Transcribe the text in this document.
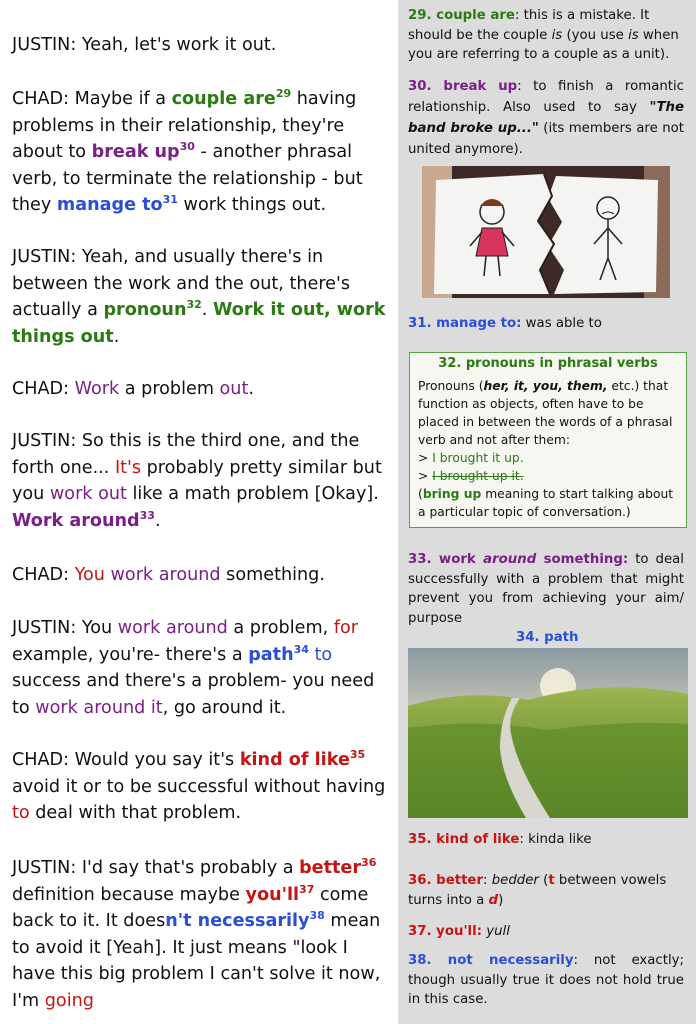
JUSTIN: Yeah, let's work it out.

CHAD: Maybe if a couple are$^{29}$ having problems in their relationship, they're about to break $up^{30}$ - another phrasal verb, to terminate the relationship - but they manage $to^{31}$ work things out.

JUSTIN: Yeah, and usually there's in between the work and the out, there's actually a pronoun$^{32}$. Work it out, work things out.

CHAD: Work a problem out.

JUSTIN: So this is the third one, and the forth one... It's probably pretty similar but you work out like a math problem [Okay]. Work around$^{33}$.

CHAD: You work around something.

JUSTIN: You work around a problem, for example, you're- there's a path$^{34}$ to success and there's a problem- you need to work around it, go around it.

CHAD: Would you say it's kind of like$^{35}$ avoid it or to be successful without having to deal with that problem.

JUSTIN: I'd say that's probably a better$^{36}$ definition because maybe $you'll^{37}$ come back to it. It doesn't necessarily$^{38}$ mean to avoid it [Yeah]. It just means "look I have this big problem I can't solve it now, I'm going

29. couple are: this is a mistake. It should be the couple is (you use is when you are referring to a couple as a unit).

30. break up: to finish a romantic relationship. Also used to say "The band broke up..." (its members are not united anymore).

31. manage to: was able to

32. pronouns in phrasal verbs

Pronouns (her, it, you, them, etc.) that function as objects, often have to be placed in between the words of a phrasal verb and not after them:
> I brought it up.
> I brought up it.
(bring up meaning to start talking about a particular topic of conversation.)

33. work around something: to deal successfully with a problem that might prevent you from achieving your aim/ purpose

34. path

35. kind of like: kinda like

36. better: bedder (t between vowels turns into a d)

37. you'll: yull

38. not necessarily: not exactly; though usually true it does not hold true in this case.
